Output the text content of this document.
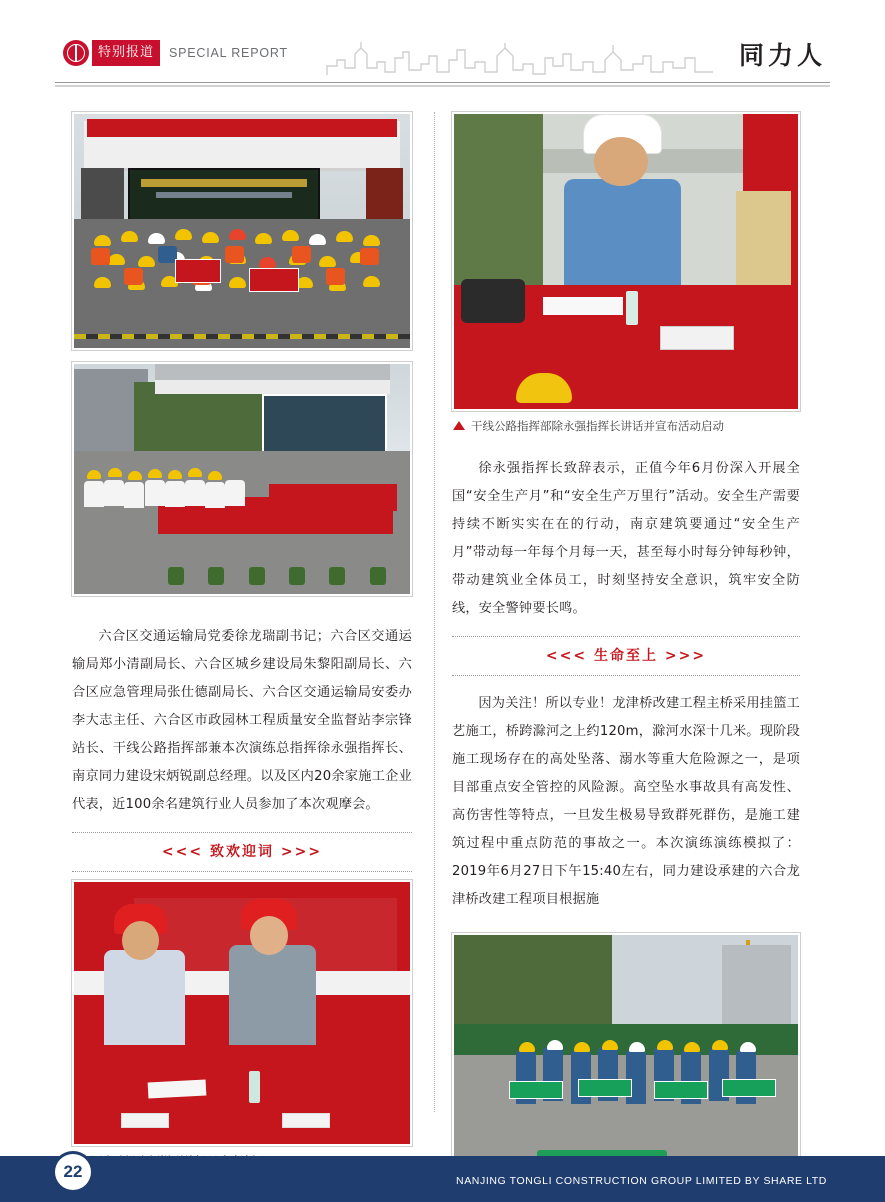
特别报道	SPECIAL REPORT	同力人

六合区交通运输局党委徐龙瑞副书记；六合区交通运输局郑小清副局长、六合区城乡建设局朱黎阳副局长、六合区应急管理局张仕德副局长、六合区交通运输局安委办李大志主任、六合区市政园林工程质量安全监督站李宗锋站长、干线公路指挥部兼本次演练总指挥徐永强指挥长、南京同力建设宋炳锐副总经理。以及区内20余家施工企业代表，近100余名建筑行业人员参加了本次观摩会。

<<< 致欢迎词 >>>
干线公路指挥部除永强指挥长讲话并宣布活动启动

徐永强指挥长致辞表示，正值今年6月份深入开展全国“安全生产月”和“安全生产万里行”活动。安全生产需要持续不断实实在在的行动，南京建筑要通过“安全生产月”带动每一年每个月每一天，甚至每小时每分钟每秒钟，带动建筑业全体员工，时刻坚持安全意识，筑牢安全防线，安全警钟要长鸣。

<<< 生命至上 >>>

因为关注！所以专业！龙津桥改建工程主桥采用挂篮工艺施工，桥跨滁河之上约120m，滁河水深十几米。现阶段施工现场存在的高处坠落、溺水等重大危险源之一，是项目部重点安全管控的风险源。高空坠水事故具有高发性、高伤害性等特点，一旦发生极易导致群死群伤，是施工建筑过程中重点防范的事故之一。本次演练演练模拟了：2019年6月27日下午15:40左右，同力建设承建的六合龙津桥改建工程项目根据施

22	NANJING TONGLI CONSTRUCTION GROUP LIMITED BY SHARE LTD
